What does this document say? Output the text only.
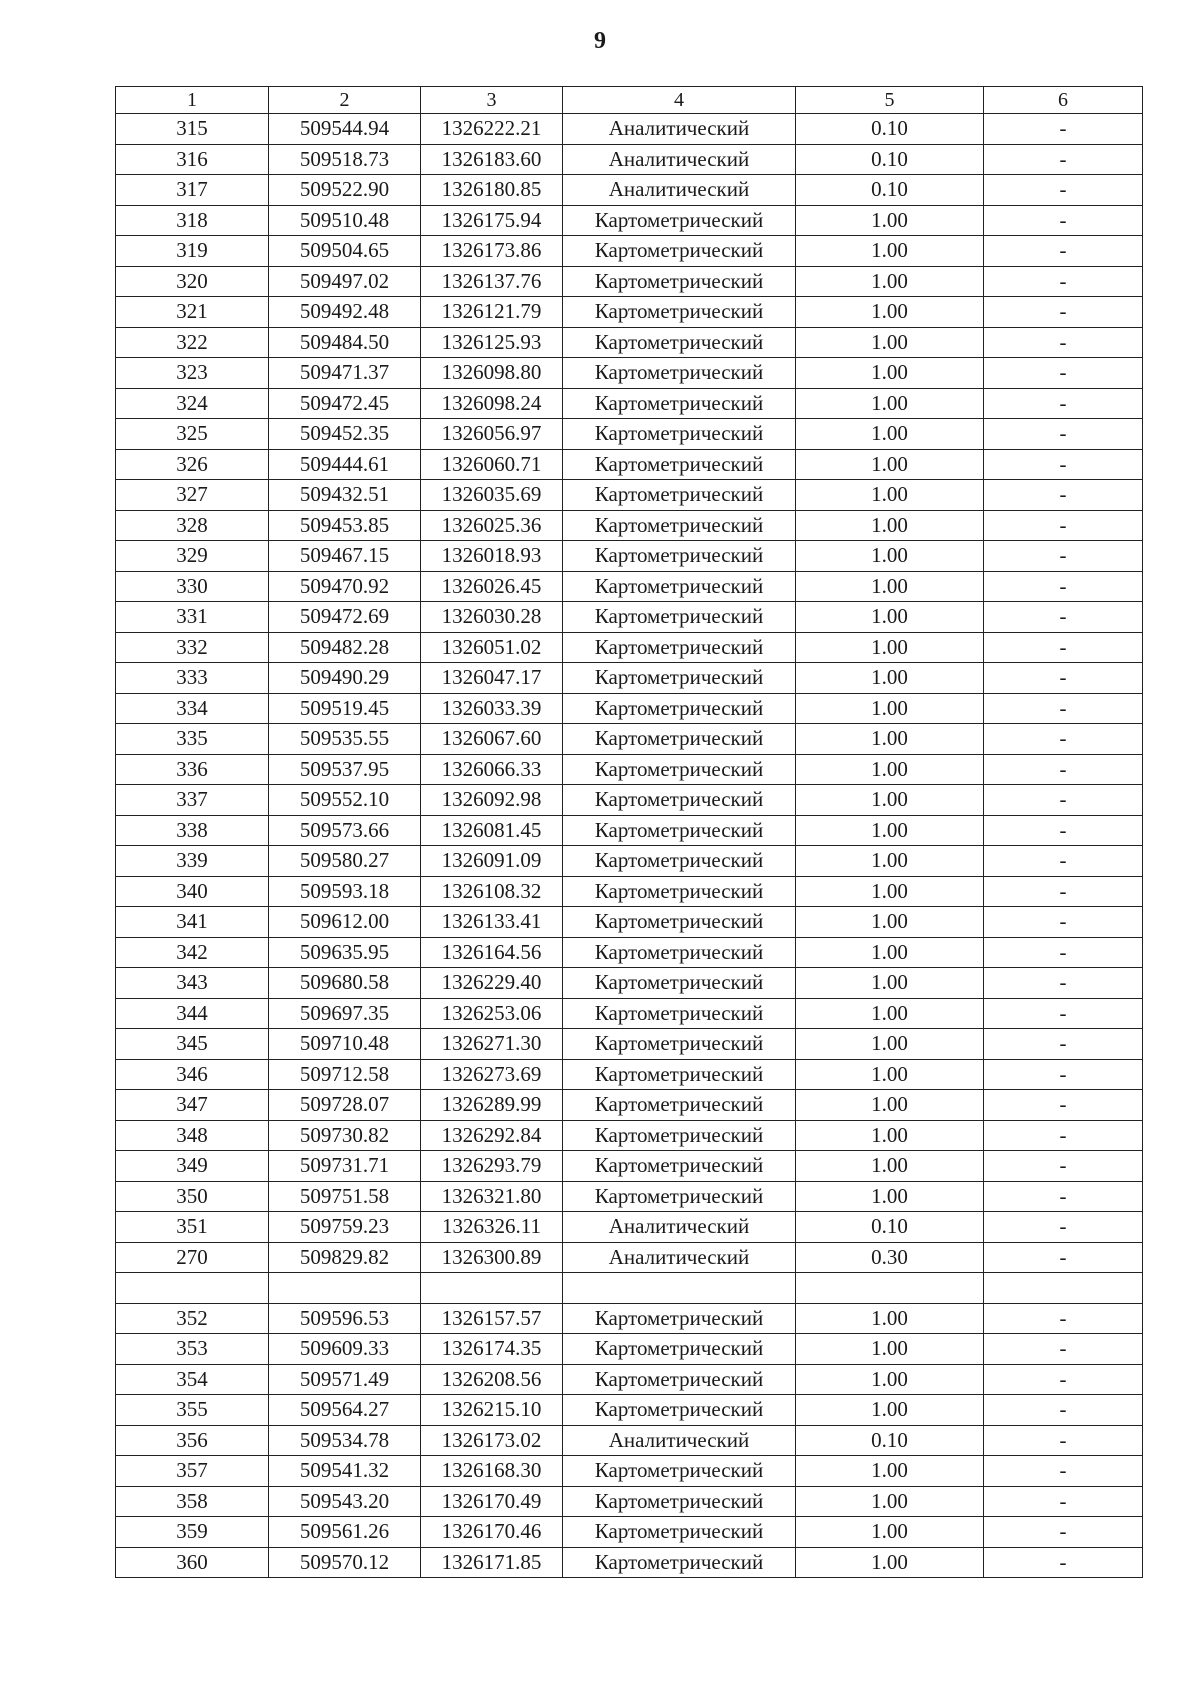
9
1	2	3	4	5	6
315	509544.94	1326222.21	Аналитический	0.10	-
316	509518.73	1326183.60	Аналитический	0.10	-
317	509522.90	1326180.85	Аналитический	0.10	-
318	509510.48	1326175.94	Картометрический	1.00	-
319	509504.65	1326173.86	Картометрический	1.00	-
320	509497.02	1326137.76	Картометрический	1.00	-
321	509492.48	1326121.79	Картометрический	1.00	-
322	509484.50	1326125.93	Картометрический	1.00	-
323	509471.37	1326098.80	Картометрический	1.00	-
324	509472.45	1326098.24	Картометрический	1.00	-
325	509452.35	1326056.97	Картометрический	1.00	-
326	509444.61	1326060.71	Картометрический	1.00	-
327	509432.51	1326035.69	Картометрический	1.00	-
328	509453.85	1326025.36	Картометрический	1.00	-
329	509467.15	1326018.93	Картометрический	1.00	-
330	509470.92	1326026.45	Картометрический	1.00	-
331	509472.69	1326030.28	Картометрический	1.00	-
332	509482.28	1326051.02	Картометрический	1.00	-
333	509490.29	1326047.17	Картометрический	1.00	-
334	509519.45	1326033.39	Картометрический	1.00	-
335	509535.55	1326067.60	Картометрический	1.00	-
336	509537.95	1326066.33	Картометрический	1.00	-
337	509552.10	1326092.98	Картометрический	1.00	-
338	509573.66	1326081.45	Картометрический	1.00	-
339	509580.27	1326091.09	Картометрический	1.00	-
340	509593.18	1326108.32	Картометрический	1.00	-
341	509612.00	1326133.41	Картометрический	1.00	-
342	509635.95	1326164.56	Картометрический	1.00	-
343	509680.58	1326229.40	Картометрический	1.00	-
344	509697.35	1326253.06	Картометрический	1.00	-
345	509710.48	1326271.30	Картометрический	1.00	-
346	509712.58	1326273.69	Картометрический	1.00	-
347	509728.07	1326289.99	Картометрический	1.00	-
348	509730.82	1326292.84	Картометрический	1.00	-
349	509731.71	1326293.79	Картометрический	1.00	-
350	509751.58	1326321.80	Картометрический	1.00	-
351	509759.23	1326326.11	Аналитический	0.10	-
270	509829.82	1326300.89	Аналитический	0.30	-

352	509596.53	1326157.57	Картометрический	1.00	-
353	509609.33	1326174.35	Картометрический	1.00	-
354	509571.49	1326208.56	Картометрический	1.00	-
355	509564.27	1326215.10	Картометрический	1.00	-
356	509534.78	1326173.02	Аналитический	0.10	-
357	509541.32	1326168.30	Картометрический	1.00	-
358	509543.20	1326170.49	Картометрический	1.00	-
359	509561.26	1326170.46	Картометрический	1.00	-
360	509570.12	1326171.85	Картометрический	1.00	-
